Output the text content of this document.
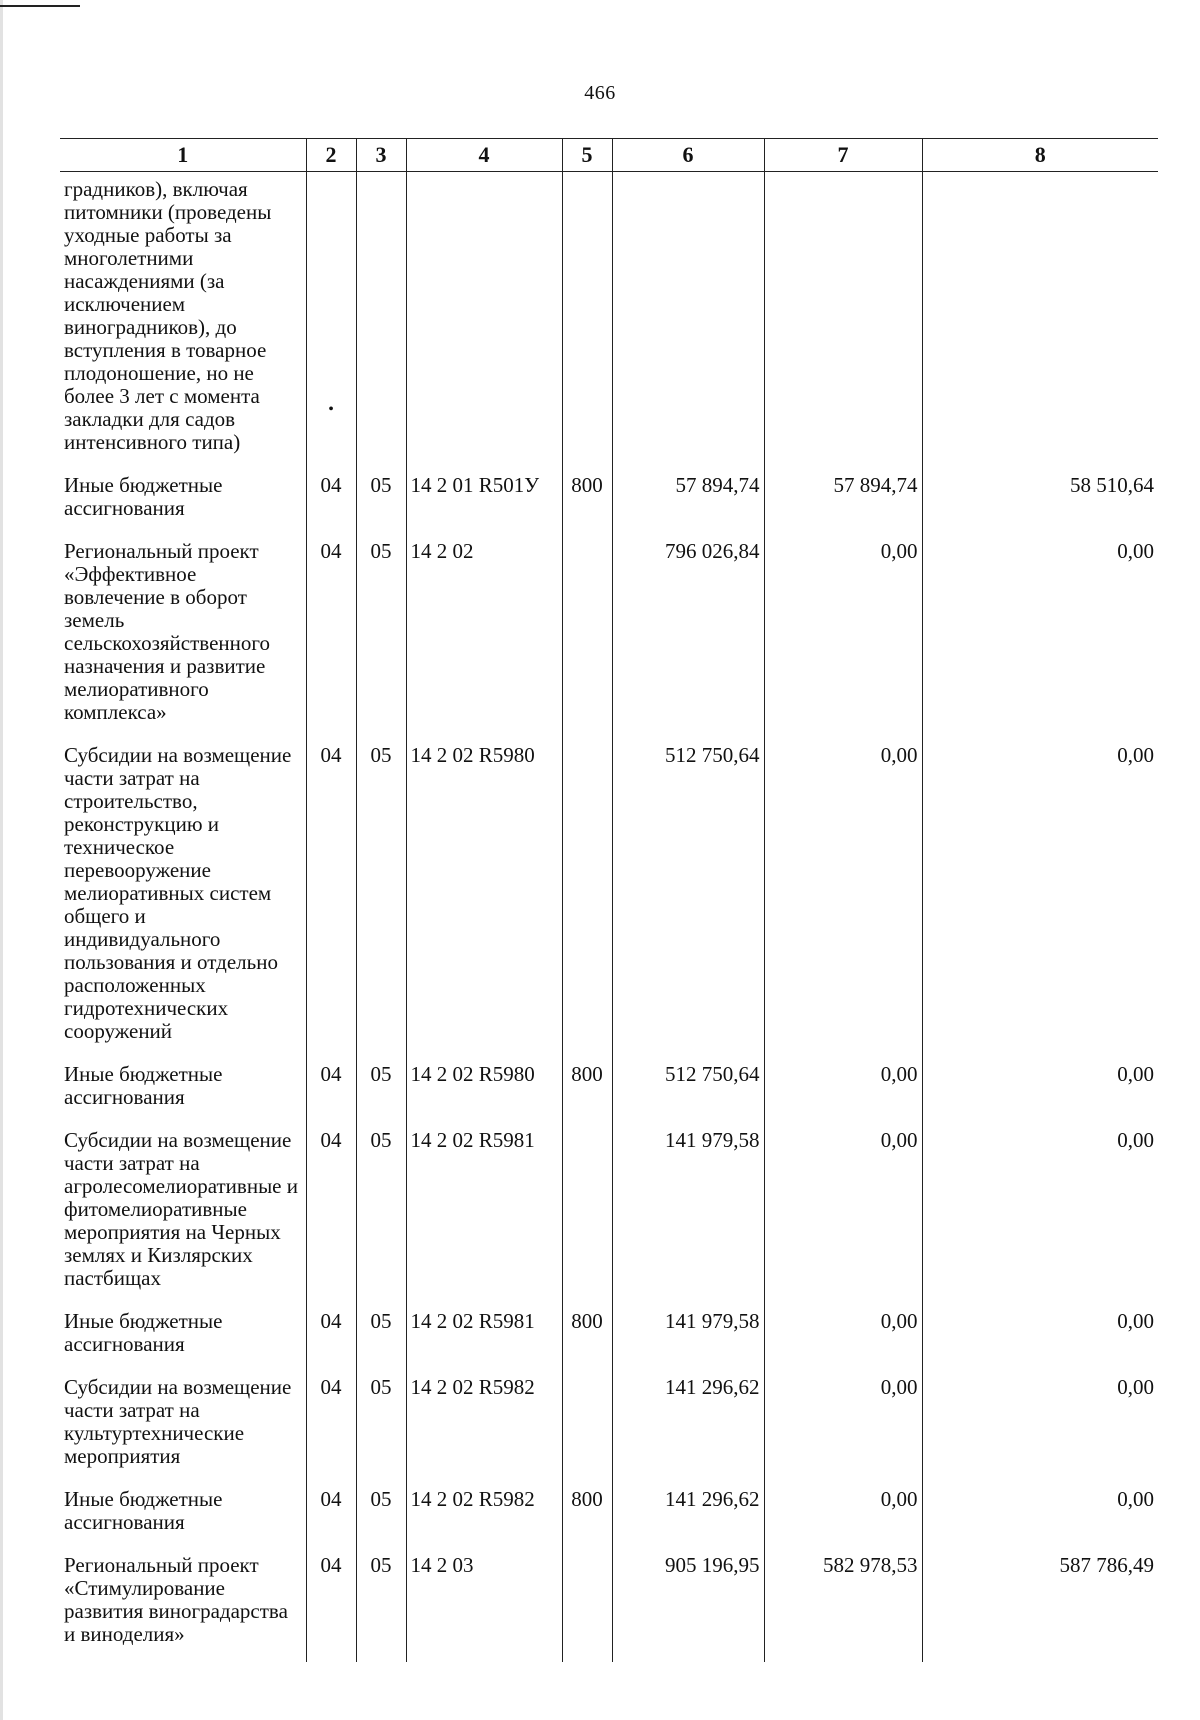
466
1	2	3	4	5	6	7	8
градников), включая питомники (проведены уходные работы за многолетними насаждениями (за исключением виноградников), до вступления в товарное плодоношение, но не более 3 лет с момента закладки для садов интенсивного типа)	•						
Иные бюджетные ассигнования	04	05	14 2 01 R501У	800	57 894,74	57 894,74	58 510,64
Региональный проект «Эффективное вовлечение в оборот земель сельскохозяйственного назначения и развитие мелиоративного комплекса»	04	05	14 2 02		796 026,84	0,00	0,00
Субсидии на возмещение части затрат на строительство, реконструкцию и техническое перевооружение мелиоративных систем общего и индивидуального пользования и отдельно расположенных гидротехнических сооружений	04	05	14 2 02 R5980		512 750,64	0,00	0,00
Иные бюджетные ассигнования	04	05	14 2 02 R5980	800	512 750,64	0,00	0,00
Субсидии на возмещение части затрат на агролесомелиоративные и фитомелиоративные мероприятия на Черных землях и Кизлярских пастбищах	04	05	14 2 02 R5981		141 979,58	0,00	0,00
Иные бюджетные ассигнования	04	05	14 2 02 R5981	800	141 979,58	0,00	0,00
Субсидии на возмещение части затрат на культуртехнические мероприятия	04	05	14 2 02 R5982		141 296,62	0,00	0,00
Иные бюджетные ассигнования	04	05	14 2 02 R5982	800	141 296,62	0,00	0,00
Региональный проект «Стимулирование развития виноградарства и виноделия»	04	05	14 2 03		905 196,95	582 978,53	587 786,49
